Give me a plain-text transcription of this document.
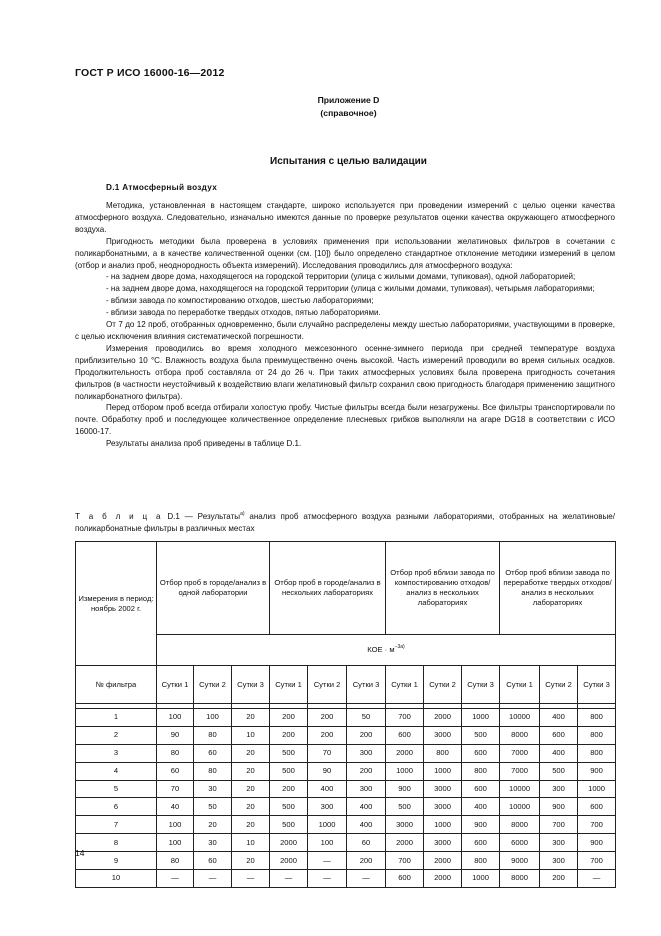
ГОСТ Р ИСО 16000-16—2012
Приложение D
(справочное)
Испытания с целью валидации
D.1 Атмосферный воздух

Методика, установленная в настоящем стандарте, широко используется при проведении измерений с целью оценки качества атмосферного воздуха. Следовательно, изначально имеются данные по проверке результатов оценки качества окружающего атмосферного воздуха.

Пригодность методики была проверена в условиях применения при использовании желатиновых фильтров в сочетании с поликарбонатными, а в качестве количественной оценки (см. [10]) было определено стандартное отклонение методики измерений в целом (отбор и анализ проб, неоднородность объекта измерений). Исследования проводились для атмосферного воздуха:

- на заднем дворе дома, находящегося на городской территории (улица с жилыми домами, тупиковая), одной лабораторией;

- на заднем дворе дома, находящегося на городской территории (улица с жилыми домами, тупиковая), четырьмя лабораториями;

- вблизи завода по компостированию отходов, шестью лабораториями;

- вблизи завода по переработке твердых отходов, пятью лабораториями.

От 7 до 12 проб, отобранных одновременно, были случайно распределены между шестью лабораториями, участвующими в проверке, с целью исключения влияния систематической погрешности.

Измерения проводились во время холодного межсезонного осенне-зимнего периода при средней температуре воздуха приблизительно 10 °С. Влажность воздуха была преимущественно очень высокой. Часть измерений проводили во время сильных осадков. Продолжительность отбора проб составляла от 24 до 26 ч. При таких атмосферных условиях была проверена пригодность сочетания фильтров (в частности неустойчивый к воздействию влаги желатиновый фильтр сохранил свою пригодность благодаря применению защитного поликарбонатного фильтра).

Перед отбором проб всегда отбирали холостую пробу. Чистые фильтры всегда были незагружены. Все фильтры транспортировали по почте. Обработку проб и последующее количественное определение плесневых грибков выполняли на агаре DG18 в соответствии с ИСО 16000-17.

Результаты анализа проб приведены в таблице D.1.

Т а б л и ц а D.1 — Результаты$^{а)}$ анализ проб атмосферного воздуха разными лабораториями, отобранных на желатиновые/поликарбонатные фильтры в различных местах
Измерения в период: ноябрь 2002 г.	Отбор проб в городе/анализ в одной лаборатории			Отбор проб в городе/анализ в нескольких лабораториях			Отбор проб вблизи завода по компостированию отходов/анализ в нескольких лабораториях			Отбор проб вблизи завода по переработке твердых отходов/анализ в нескольких лабораториях		
	КОЕ · $м^{-3а)}$
№ фильтра	Сутки 1	Сутки 2	Сутки 3	Сутки 1	Сутки 2	Сутки 3	Сутки 1	Сутки 2	Сутки 3	Сутки 1	Сутки 2	Сутки 3

1	100	100	20	200	200	50	700	2000	1000	10000	400	800
2	90	80	10	200	200	200	600	3000	500	8000	600	800
3	80	60	20	500	70	300	2000	800	600	7000	400	800
4	60	80	20	500	90	200	1000	1000	800	7000	500	900
5	70	30	20	200	400	300	900	3000	600	10000	300	1000
6	40	50	20	500	300	400	500	3000	400	10000	900	600
7	100	20	20	500	1000	400	3000	1000	900	8000	700	700
8	100	30	10	2000	100	60	2000	3000	600	6000	300	900
9	80	60	20	2000	—	200	700	2000	800	9000	300	700
10	—	—	—	—	—	—	600	2000	1000	8000	200	—
14
